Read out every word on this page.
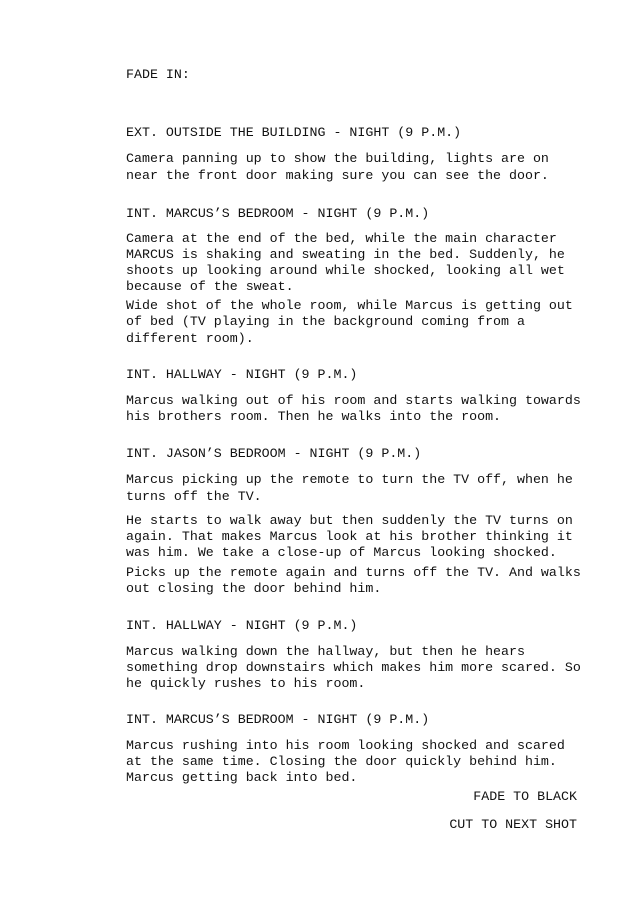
FADE IN:

EXT. OUTSIDE THE BUILDING - NIGHT (9 P.M.)

Camera panning up to show the building, lights are on

near the front door making sure you can see the door.

INT. MARCUS’S BEDROOM - NIGHT (9 P.M.)

Camera at the end of the bed, while the main character

MARCUS is shaking and sweating in the bed. Suddenly, he

shoots up looking around while shocked, looking all wet

because of the sweat.

Wide shot of the whole room, while Marcus is getting out

of bed (TV playing in the background coming from a

different room).

INT. HALLWAY - NIGHT (9 P.M.)

Marcus walking out of his room and starts walking towards

his brothers room. Then he walks into the room.

INT. JASON’S BEDROOM - NIGHT (9 P.M.)

Marcus picking up the remote to turn the TV off, when he

turns off the TV.

He starts to walk away but then suddenly the TV turns on

again. That makes Marcus look at his brother thinking it

was him. We take a close-up of Marcus looking shocked.

Picks up the remote again and turns off the TV. And walks

out closing the door behind him.

INT. HALLWAY - NIGHT (9 P.M.)

Marcus walking down the hallway, but then he hears

something drop downstairs which makes him more scared. So

he quickly rushes to his room.

INT. MARCUS’S BEDROOM - NIGHT (9 P.M.)

Marcus rushing into his room looking shocked and scared

at the same time. Closing the door quickly behind him.

Marcus getting back into bed.

FADE TO BLACK

CUT TO NEXT SHOT
